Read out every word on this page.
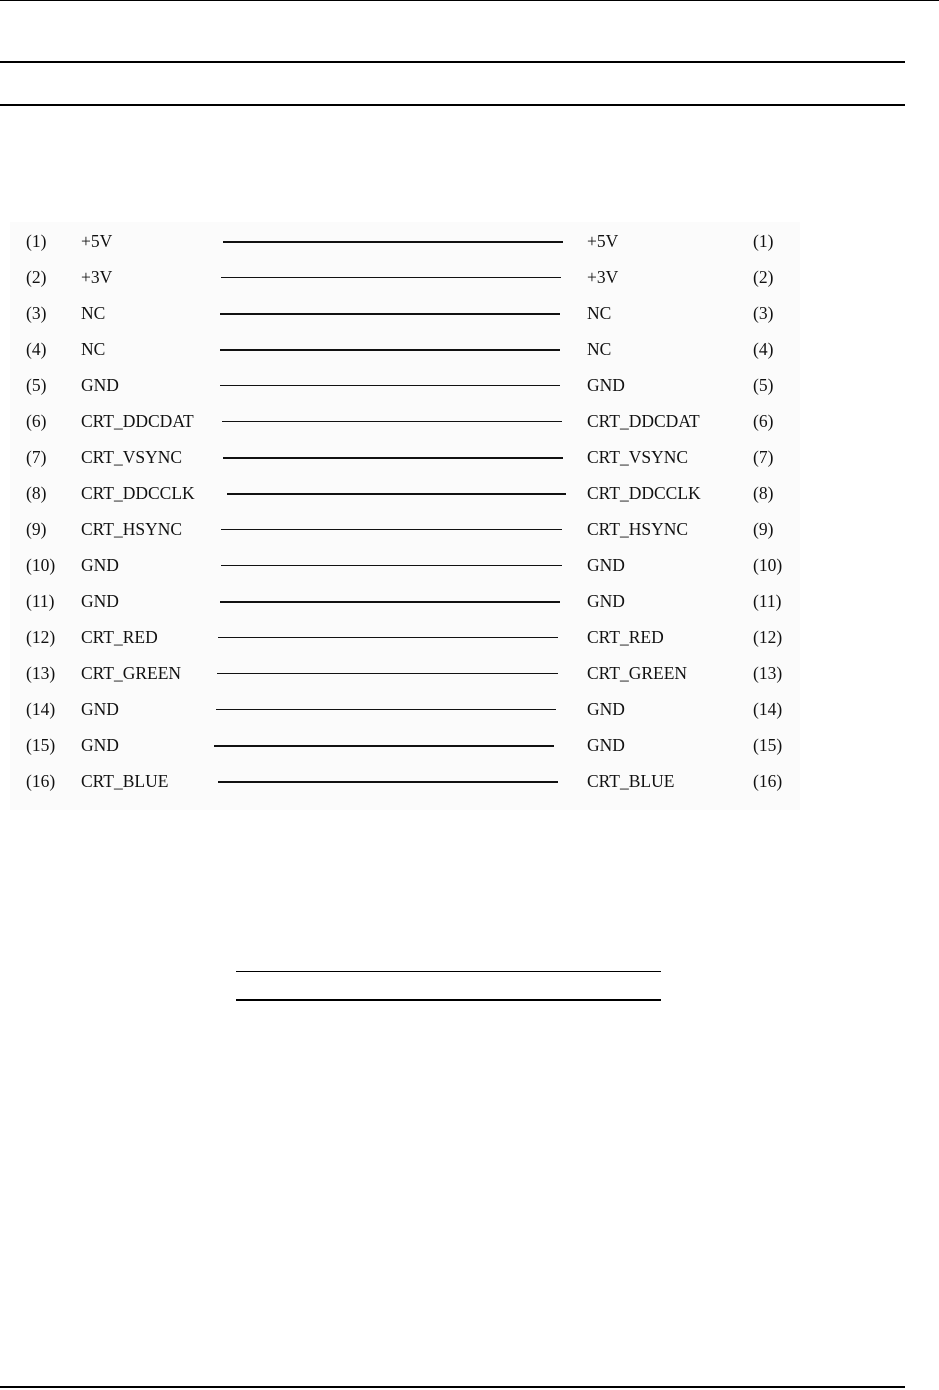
(1) +5V	+5V	(1)
(2) +3V	+3V	(2)
(3) NC	NC	(3)
(4) NC	NC	(4)
(5) GND	GND	(5)
(6) CRT_DDCDAT	CRT_DDCDAT	(6)
(7) CRT_VSYNC	CRT_VSYNC	(7)
(8) CRT_DDCCLK	CRT_DDCCLK	(8)
(9) CRT_HSYNC	CRT_HSYNC	(9)
(10) GND	GND	(10)
(11) GND	GND	(11)
(12) CRT_RED	CRT_RED	(12)
(13) CRT_GREEN	CRT_GREEN	(13)
(14) GND	GND	(14)
(15) GND	GND	(15)
(16) CRT_BLUE	CRT_BLUE	(16)
